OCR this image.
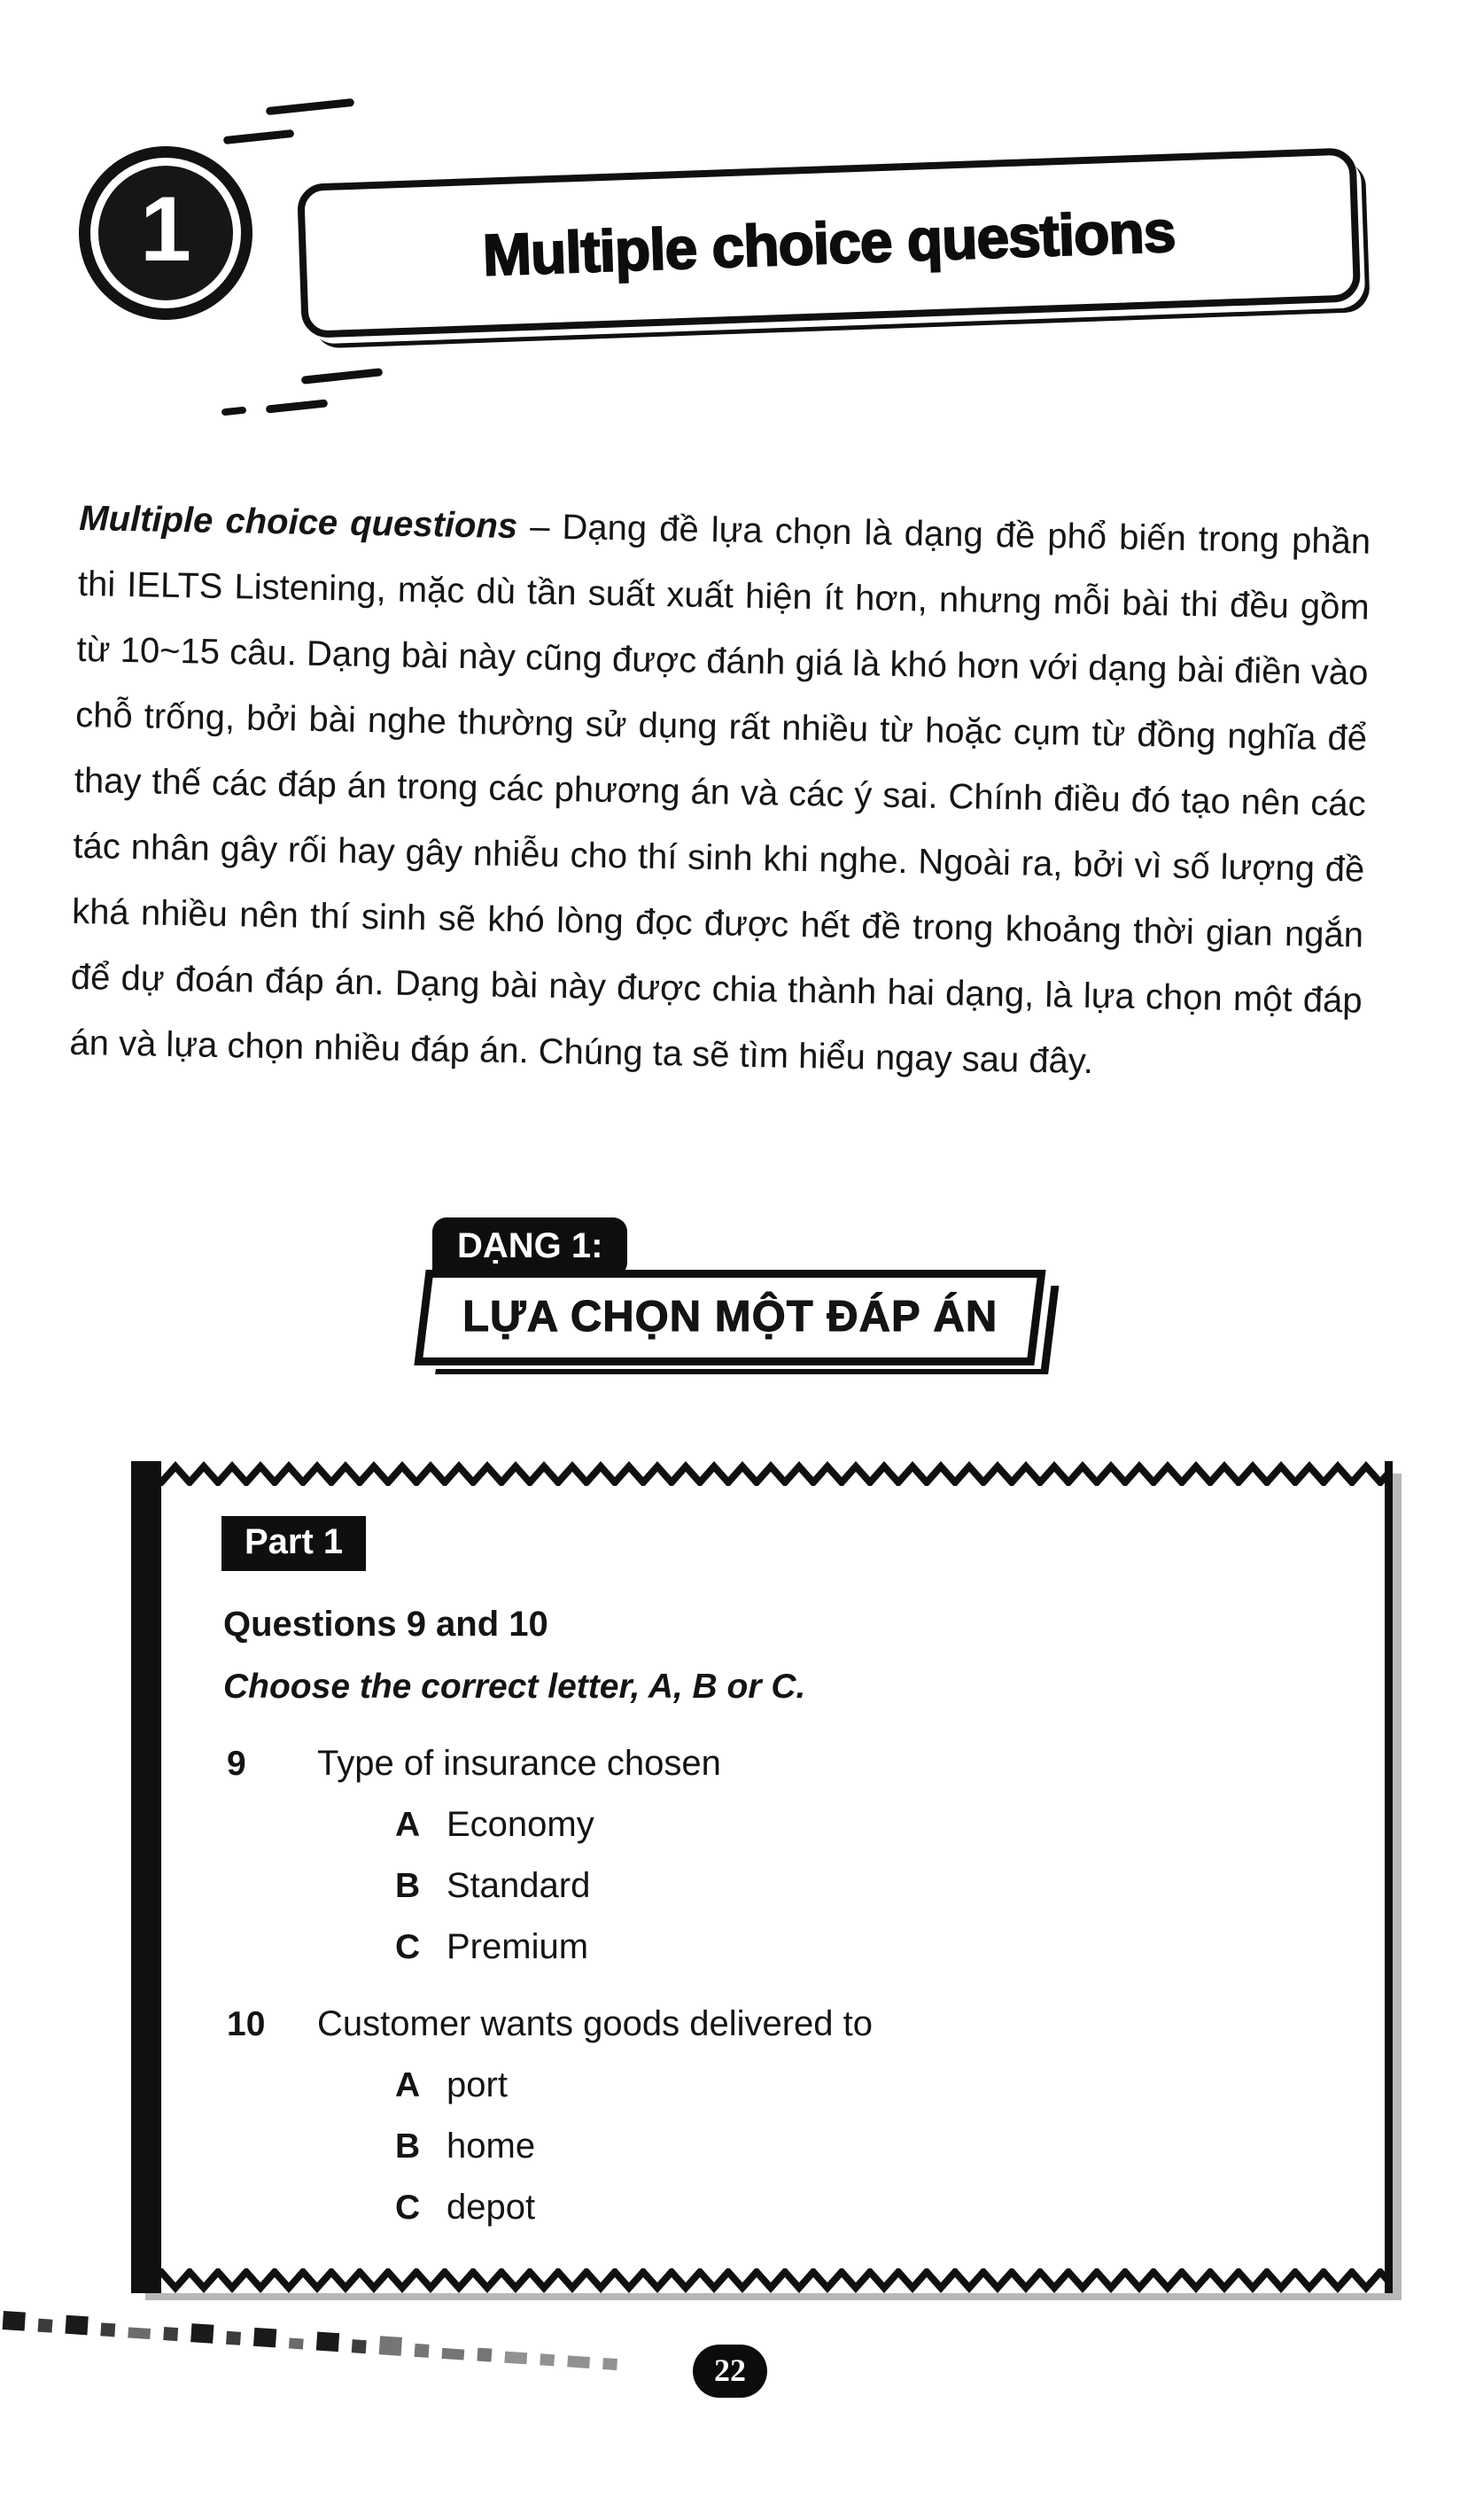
1	Multiple choice questions

Multiple choice questions – Dạng đề lựa chọn là dạng đề phổ biến trong phần thi IELTS Listening, mặc dù tần suất xuất hiện ít hơn, nhưng mỗi bài thi đều gồm từ 10~15 câu. Dạng bài này cũng được đánh giá là khó hơn với dạng bài điền vào chỗ trống, bởi bài nghe thường sử dụng rất nhiều từ hoặc cụm từ đồng nghĩa để thay thế các đáp án trong các phương án và các ý sai. Chính điều đó tạo nên các tác nhân gây rối hay gây nhiễu cho thí sinh khi nghe. Ngoài ra, bởi vì số lượng đề khá nhiều nên thí sinh sẽ khó lòng đọc được hết đề trong khoảng thời gian ngắn để dự đoán đáp án. Dạng bài này được chia thành hai dạng, là lựa chọn một đáp án và lựa chọn nhiều đáp án. Chúng ta sẽ tìm hiểu ngay sau đây.

DẠNG 1:
LỰA CHỌN MỘT ĐÁP ÁN
Part 1
Questions 9 and 10
Choose the correct letter, A, B or C.
9	Type of insurance chosen
A Economy
B Standard
C Premium
10	Customer wants goods delivered to
A port
B home
C depot
22
